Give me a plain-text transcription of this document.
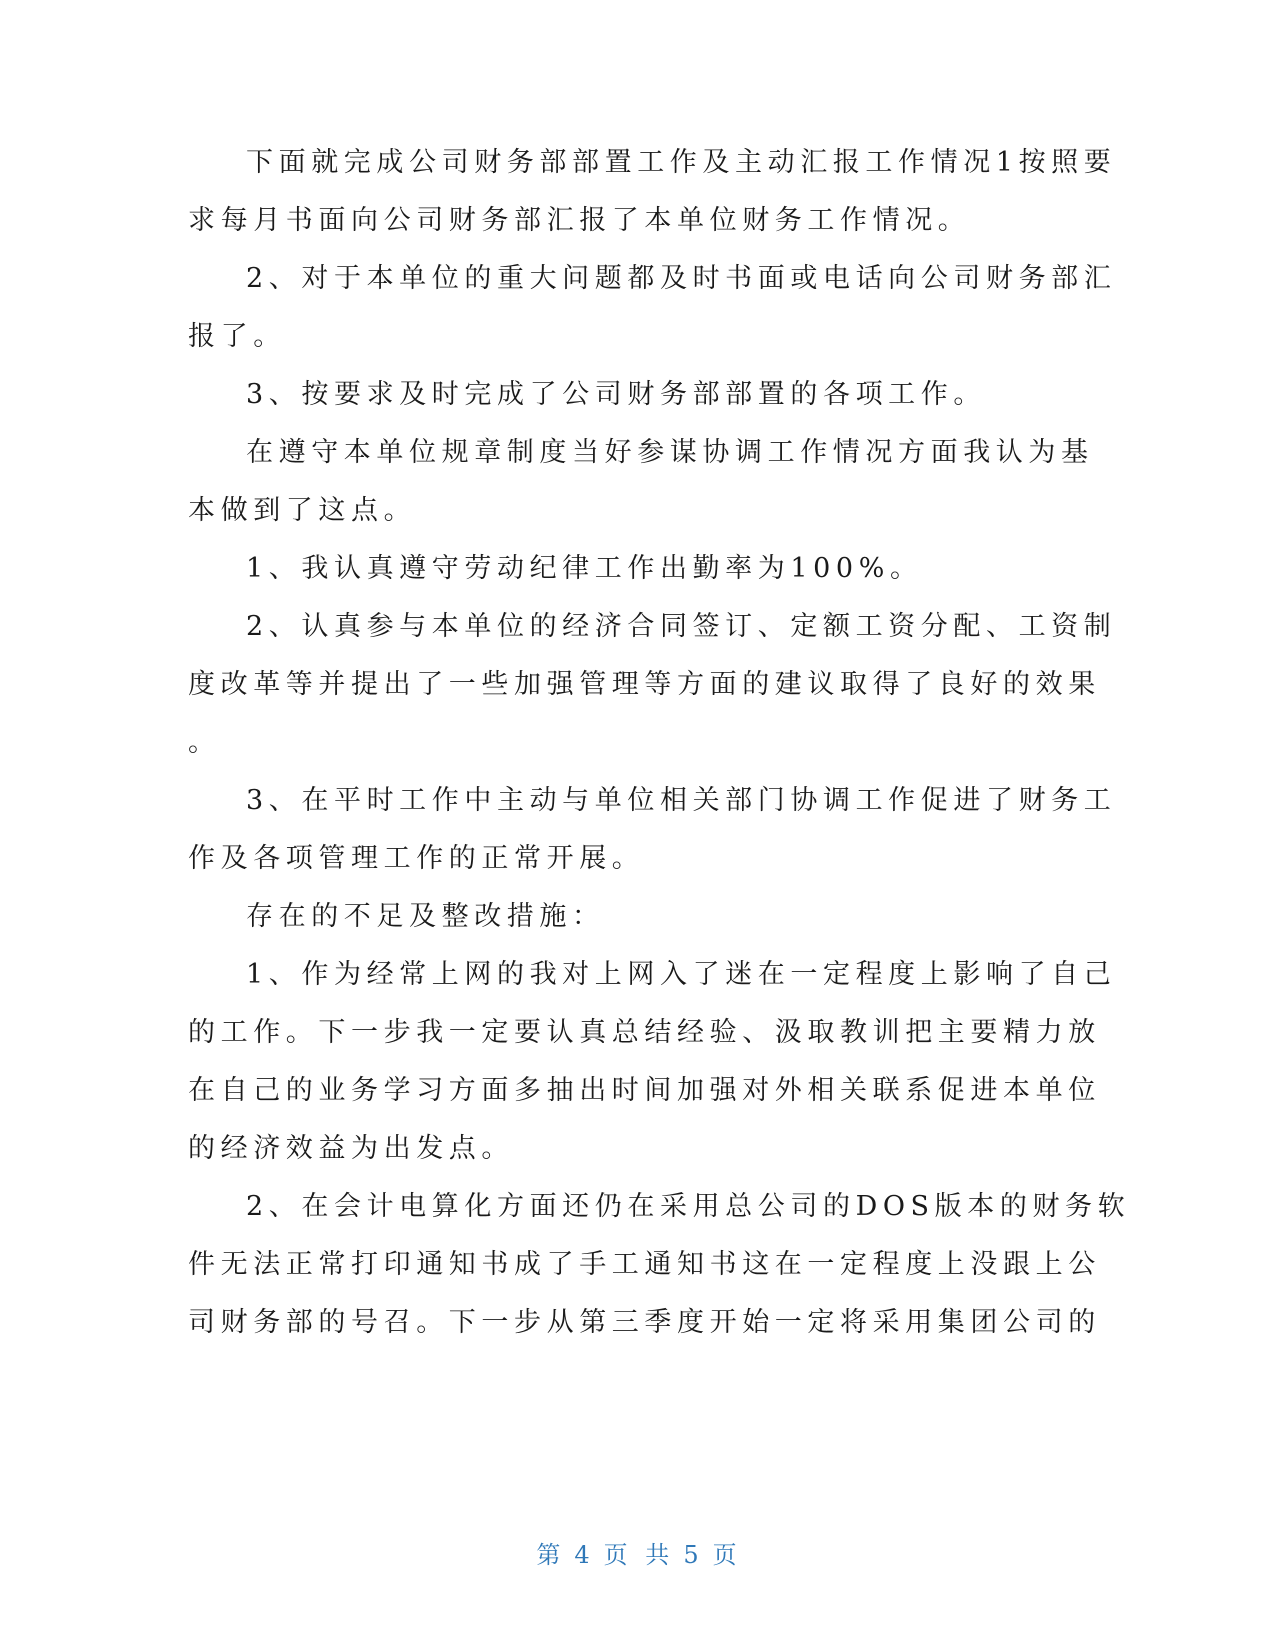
下面就完成公司财务部部置工作及主动汇报工作情况1按照要
求每月书面向公司财务部汇报了本单位财务工作情况。
2、对于本单位的重大问题都及时书面或电话向公司财务部汇
报了。
3、按要求及时完成了公司财务部部置的各项工作。
在遵守本单位规章制度当好参谋协调工作情况方面我认为基
本做到了这点。
1、我认真遵守劳动纪律工作出勤率为100%。
2、认真参与本单位的经济合同签订、定额工资分配、工资制
度改革等并提出了一些加强管理等方面的建议取得了良好的效果
。
3、在平时工作中主动与单位相关部门协调工作促进了财务工
作及各项管理工作的正常开展。
存在的不足及整改措施：
1、作为经常上网的我对上网入了迷在一定程度上影响了自己
的工作。下一步我一定要认真总结经验、汲取教训把主要精力放
在自己的业务学习方面多抽出时间加强对外相关联系促进本单位
的经济效益为出发点。
2、在会计电算化方面还仍在采用总公司的DOS版本的财务软
件无法正常打印通知书成了手工通知书这在一定程度上没跟上公
司财务部的号召。下一步从第三季度开始一定将采用集团公司的
第 4 页 共 5 页
